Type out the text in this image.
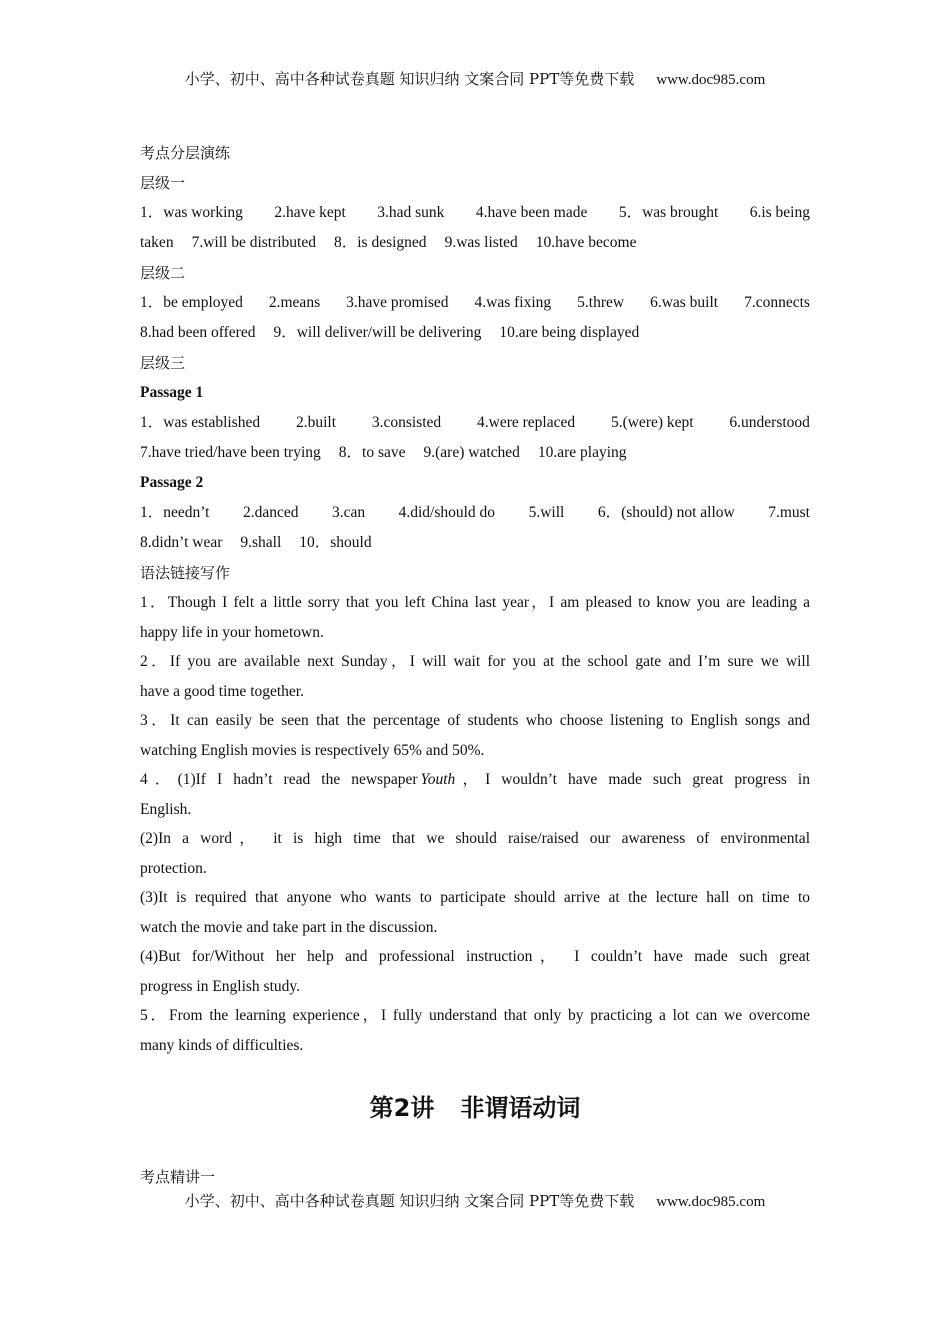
小学、初中、高中各种试卷真题 知识归纳 文案合同 PPT等免费下载 www.doc985.com
考点分层演练
层级一
1．was working 2.have kept 3.had sunk 4.have been made 5．was brought 6.is being
taken 7.will be distributed 8．is designed 9.was listed 10.have become
层级二
1．be employed 2.means 3.have promised 4.was fixing 5.threw 6.was built 7.connects
8.had been offered 9．will deliver/will be delivering 10.are being displayed
层级三
Passage 1
1．was established 2.built 3.consisted 4.were replaced 5.(were) kept 6.understood
7.have tried/have been trying 8．to save 9.(are) watched 10.are playing
Passage 2
1．needn’t 2.danced 3.can 4.did/should do 5.will 6．(should) not allow 7.must
8.didn’t wear 9.shall 10．should
语法链接写作
1．Though I felt a little sorry that you left China last year，I am pleased to know you are leading a
happy life in your hometown.
2．If you are available next Sunday，I will wait for you at the school gate and I’m sure we will
have a good time together.
3．It can easily be seen that the percentage of students who choose listening to English songs and
watching English movies is respectively 65% and 50%.
4．(1)If I hadn’t read the newspaper Youth，I wouldn’t have made such great progress in
English.
(2)In a word， it is high time that we should raise/raised our awareness of environmental
protection.
(3)It is required that anyone who wants to participate should arrive at the lecture hall on time to
watch the movie and take part in the discussion.
(4)But for/Without her help and professional instruction， I couldn’t have made such great
progress in English study.
5．From the learning experience，I fully understand that only by practicing a lot can we overcome
many kinds of difficulties.
第2讲 非谓语动词
考点精讲一
小学、初中、高中各种试卷真题 知识归纳 文案合同 PPT等免费下载 www.doc985.com
